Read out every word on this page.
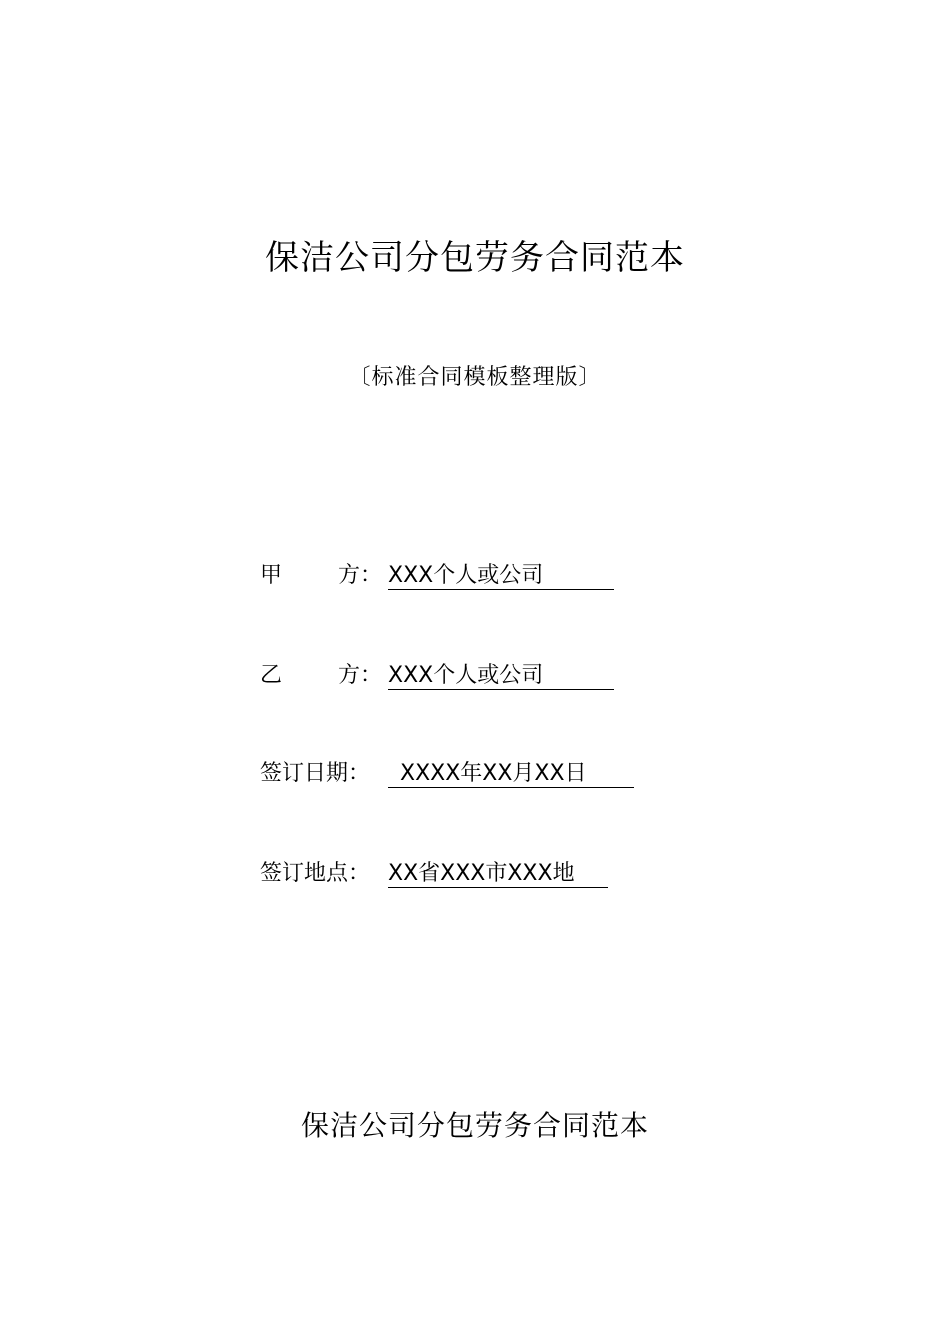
保洁公司分包劳务合同范本
〔标准合同模板整理版〕
甲	方： XXX个人或公司
乙	方： XXX个人或公司
签订日期： XXXX年XX月XX日
签订地点： XX省XXX市XXX地
保洁公司分包劳务合同范本
